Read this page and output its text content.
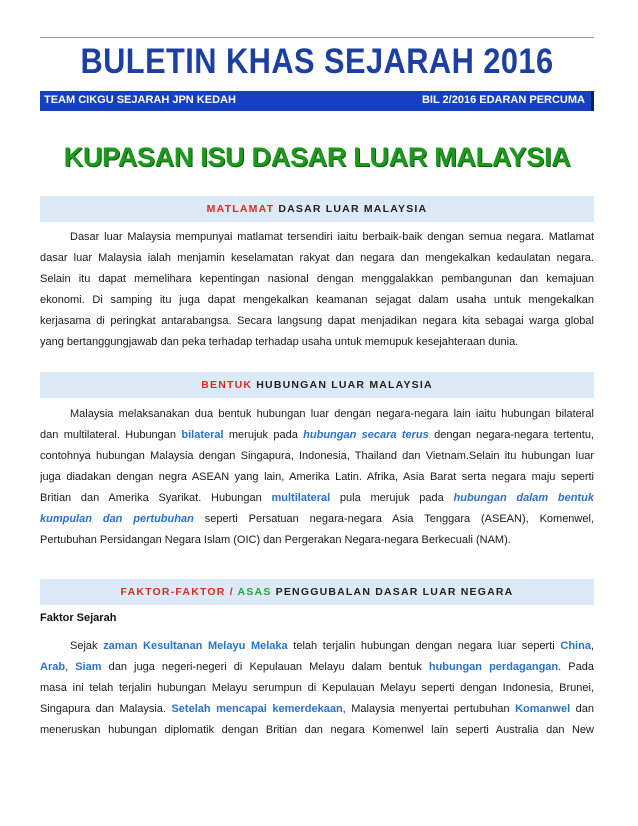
BULETIN KHAS SEJARAH 2016
TEAM CIKGU SEJARAH JPN KEDAH	BIL 2/2016 EDARAN PERCUMA
KUPASAN ISU DASAR LUAR MALAYSIA
MATLAMAT DASAR LUAR MALAYSIA
Dasar luar Malaysia mempunyai matlamat tersendiri iaitu berbaik-baik dengan semua negara. Matlamat
dasar luar Malaysia ialah menjamin keselamatan rakyat dan negara dan mengekalkan kedaulatan negara.
Selain itu dapat memelihara kepentingan nasional dengan menggalakkan pembangunan dan kemajuan
ekonomi. Di samping itu juga dapat mengekalkan keamanan sejagat dalam usaha untuk mengekalkan
kerjasama di peringkat antarabangsa. Secara langsung dapat menjadikan negara kita sebagai warga global
yang bertanggungjawab dan peka terhadap terhadap usaha untuk memupuk kesejahteraan dunia.
BENTUK HUBUNGAN LUAR MALAYSIA
Malaysia melaksanakan dua bentuk hubungan luar dengan negara-negara lain iaitu hubungan bilateral
dan multilateral. Hubungan bilateral merujuk pada hubungan secara terus dengan negara-negara tertentu,
contohnya hubungan Malaysia dengan Singapura, Indonesia, Thailand dan Vietnam.Selain itu hubungan luar
juga diadakan dengan negra ASEAN yang lain, Amerika Latin. Afrika, Asia Barat serta negara maju seperti
Britian dan Amerika Syarikat. Hubungan multilateral pula merujuk pada hubungan dalam bentuk
kumpulan dan pertubuhan seperti Persatuan negara-negara Asia Tenggara (ASEAN), Komenwel,
Pertubuhan Persidangan Negara Islam (OIC) dan Pergerakan Negara-negara Berkecuali (NAM).
FAKTOR-FAKTOR / ASAS PENGGUBALAN DASAR LUAR NEGARA
Faktor Sejarah
Sejak zaman Kesultanan Melayu Melaka telah terjalin hubungan dengan negara luar seperti China,
Arab, Siam dan juga negeri-negeri di Kepulauan Melayu dalam bentuk hubungan perdagangan. Pada
masa ini telah terjalin hubungan Melayu serumpun di Kepulauan Melayu seperti dengan Indonesia, Brunei,
Singapura dan Malaysia. Setelah mencapai kemerdekaan, Malaysia menyertai pertubuhan Komanwel dan
meneruskan hubungan diplomatik dengan Britian dan negara Komenwel lain seperti Australia dan New
